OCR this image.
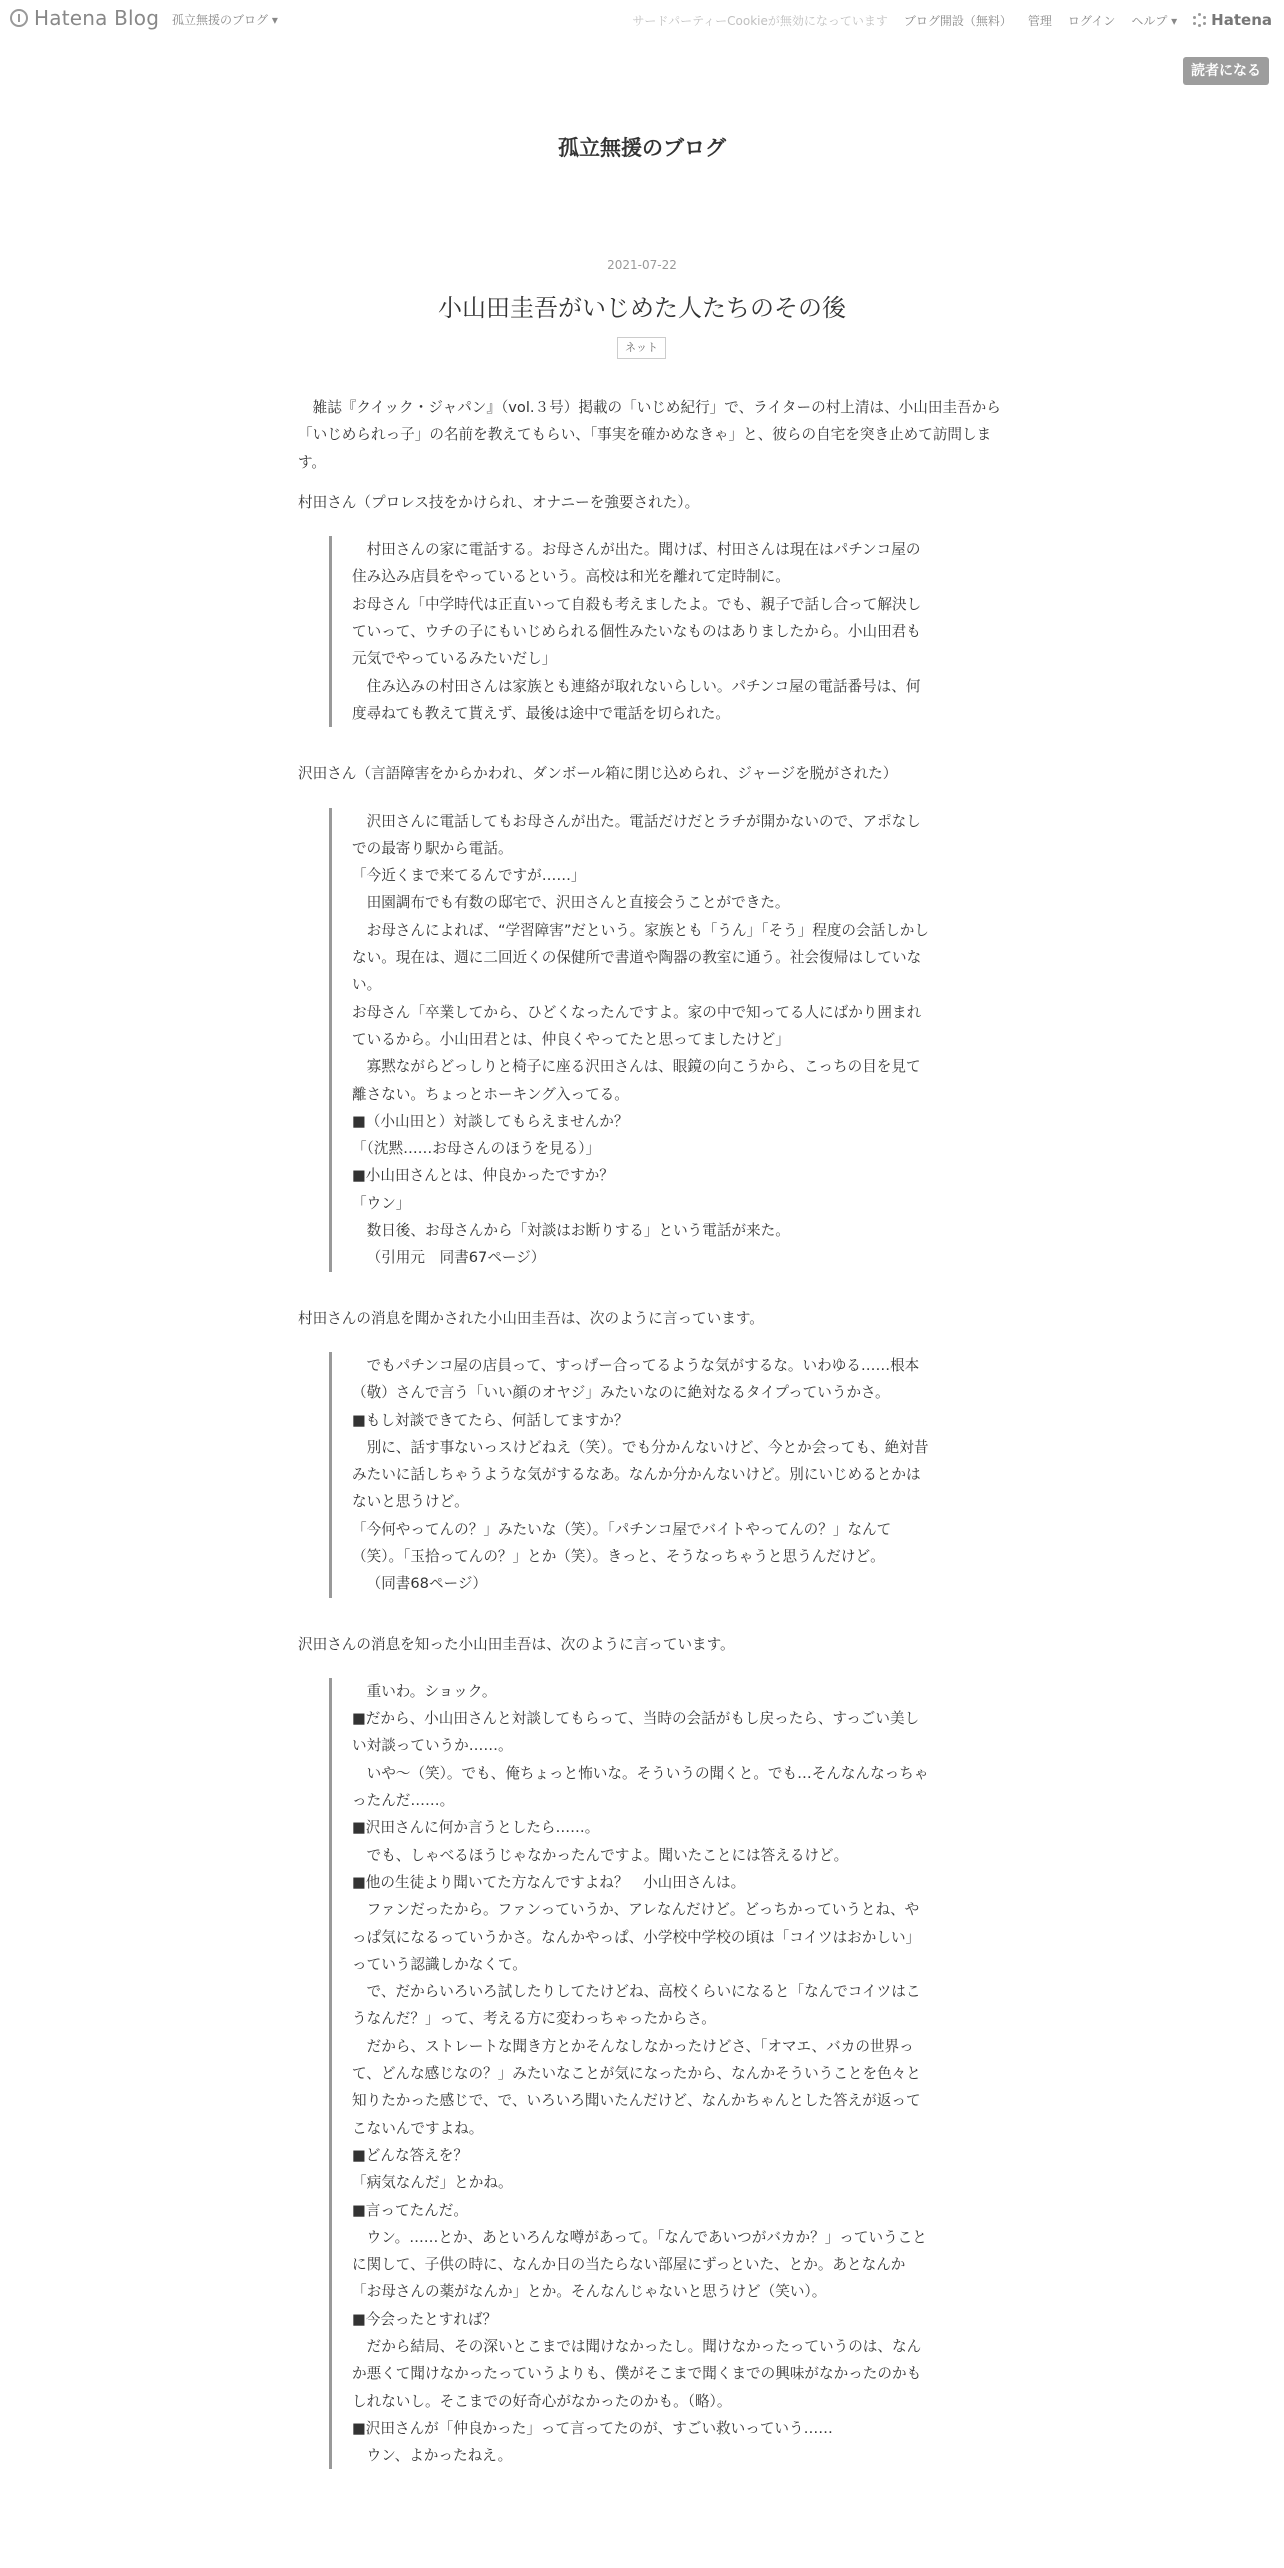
Hatena Blog 孤立無援のブログ ▾	サードパーティーCookieが無効になっています ブログ開設（無料） 管理 ログイン ヘルプ ▾ Hatena
読者になる
孤立無援のブログ
2021-07-22
小山田圭吾がいじめた人たちのその後
ネット

雑誌『クイック・ジャパン』（vol.３号）掲載の「いじめ紀行」で、ライターの村上清は、小山田圭吾から「いじめられっ子」の名前を教えてもらい、「事実を確かめなきゃ」と、彼らの自宅を突き止めて訪問します。

村田さん（プロレス技をかけられ、オナニーを強要された）。

村田さんの家に電話する。お母さんが出た。聞けば、村田さんは現在はパチンコ屋の住み込み店員をやっているという。高校は和光を離れて定時制に。

お母さん「中学時代は正直いって自殺も考えましたよ。でも、親子で話し合って解決していって、ウチの子にもいじめられる個性みたいなものはありましたから。小山田君も元気でやっているみたいだし」

住み込みの村田さんは家族とも連絡が取れないらしい。パチンコ屋の電話番号は、何度尋ねても教えて貰えず、最後は途中で電話を切られた。

沢田さん（言語障害をからかわれ、ダンボール箱に閉じ込められ、ジャージを脱がされた）

沢田さんに電話してもお母さんが出た。電話だけだとラチが開かないので、アポなしでの最寄り駅から電話。

「今近くまで来てるんですが……」

田園調布でも有数の邸宅で、沢田さんと直接会うことができた。

お母さんによれば、“学習障害”だという。家族とも「うん」「そう」程度の会話しかしない。現在は、週に二回近くの保健所で書道や陶器の教室に通う。社会復帰はしていない。

お母さん「卒業してから、ひどくなったんですよ。家の中で知ってる人にばかり囲まれているから。小山田君とは、仲良くやってたと思ってましたけど」

寡黙ながらどっしりと椅子に座る沢田さんは、眼鏡の向こうから、こっちの目を見て離さない。ちょっとホーキング入ってる。

■（小山田と）対談してもらえませんか？

「（沈黙……お母さんのほうを見る）」

■小山田さんとは、仲良かったですか？

「ウン」

数日後、お母さんから「対談はお断りする」という電話が来た。

（引用元　同書67ページ）

村田さんの消息を聞かされた小山田圭吾は、次のように言っています。

でもパチンコ屋の店員って、すっげー合ってるような気がするな。いわゆる……根本（敬）さんで言う「いい顔のオヤジ」みたいなのに絶対なるタイプっていうかさ。

■もし対談できてたら、何話してますか？

別に、話す事ないっスけどねえ（笑）。でも分かんないけど、今とか会っても、絶対昔みたいに話しちゃうような気がするなあ。なんか分かんないけど。別にいじめるとかはないと思うけど。

「今何やってんの？」みたいな（笑）。「パチンコ屋でバイトやってんの？」なんて（笑）。「玉拾ってんの？」とか（笑）。きっと、そうなっちゃうと思うんだけど。

（同書68ページ）

沢田さんの消息を知った小山田圭吾は、次のように言っています。

重いわ。ショック。

■だから、小山田さんと対談してもらって、当時の会話がもし戻ったら、すっごい美しい対談っていうか……。

いや～（笑）。でも、俺ちょっと怖いな。そういうの聞くと。でも…そんなんなっちゃったんだ……。

■沢田さんに何か言うとしたら……。

でも、しゃべるほうじゃなかったんですよ。聞いたことには答えるけど。

■他の生徒より聞いてた方なんですよね？　小山田さんは。

ファンだったから。ファンっていうか、アレなんだけど。どっちかっていうとね、やっぱ気になるっていうかさ。なんかやっぱ、小学校中学校の頃は「コイツはおかしい」っていう認識しかなくて。

で、だからいろいろ試したりしてたけどね、高校くらいになると「なんでコイツはこうなんだ？」って、考える方に変わっちゃったからさ。

だから、ストレートな聞き方とかそんなしなかったけどさ、「オマエ、バカの世界って、どんな感じなの？」みたいなことが気になったから、なんかそういうことを色々と知りたかった感じで、で、いろいろ聞いたんだけど、なんかちゃんとした答えが返ってこないんですよね。

■どんな答えを？

「病気なんだ」とかね。

■言ってたんだ。

ウン。……とか、あといろんな噂があって。「なんであいつがバカか？」っていうことに関して、子供の時に、なんか日の当たらない部屋にずっといた、とか。あとなんか「お母さんの薬がなんか」とか。そんなんじゃないと思うけど（笑い）。

■今会ったとすれば？

だから結局、その深いとこまでは聞けなかったし。聞けなかったっていうのは、なんか悪くて聞けなかったっていうよりも、僕がそこまで聞くまでの興味がなかったのかもしれないし。そこまでの好奇心がなかったのかも。（略）。

■沢田さんが「仲良かった」って言ってたのが、すごい救いっていう……

ウン、よかったねえ。
